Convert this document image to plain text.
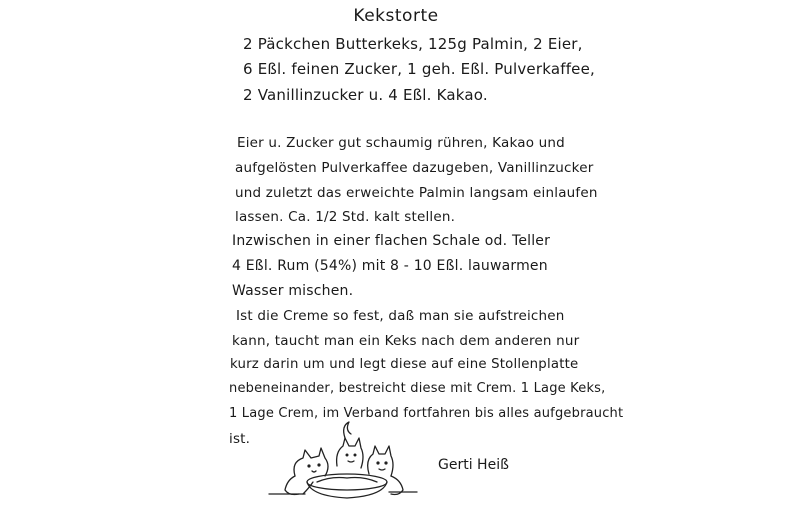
Kekstorte
2 Päckchen Butterkeks, 125g Palmin, 2 Eier,
6 Eßl. feinen Zucker, 1 geh. Eßl. Pulverkaffee,
2 Vanillinzucker u. 4 Eßl. Kakao.
Eier u. Zucker gut schaumig rühren, Kakao und
aufgelösten Pulverkaffee dazugeben, Vanillinzucker
und zuletzt das erweichte Palmin langsam einlaufen
lassen. Ca. 1/2 Std. kalt stellen.
Inzwischen in einer flachen Schale od. Teller
4 Eßl. Rum (54%) mit 8 - 10 Eßl. lauwarmen
Wasser mischen.
Ist die Creme so fest, daß man sie aufstreichen
kann, taucht man ein Keks nach dem anderen nur
kurz darin um und legt diese auf eine Stollenplatte
nebeneinander, bestreicht diese mit Crem. 1 Lage Keks,
1 Lage Crem, im Verband fortfahren bis alles aufgebraucht
ist.
Gerti Heiß
